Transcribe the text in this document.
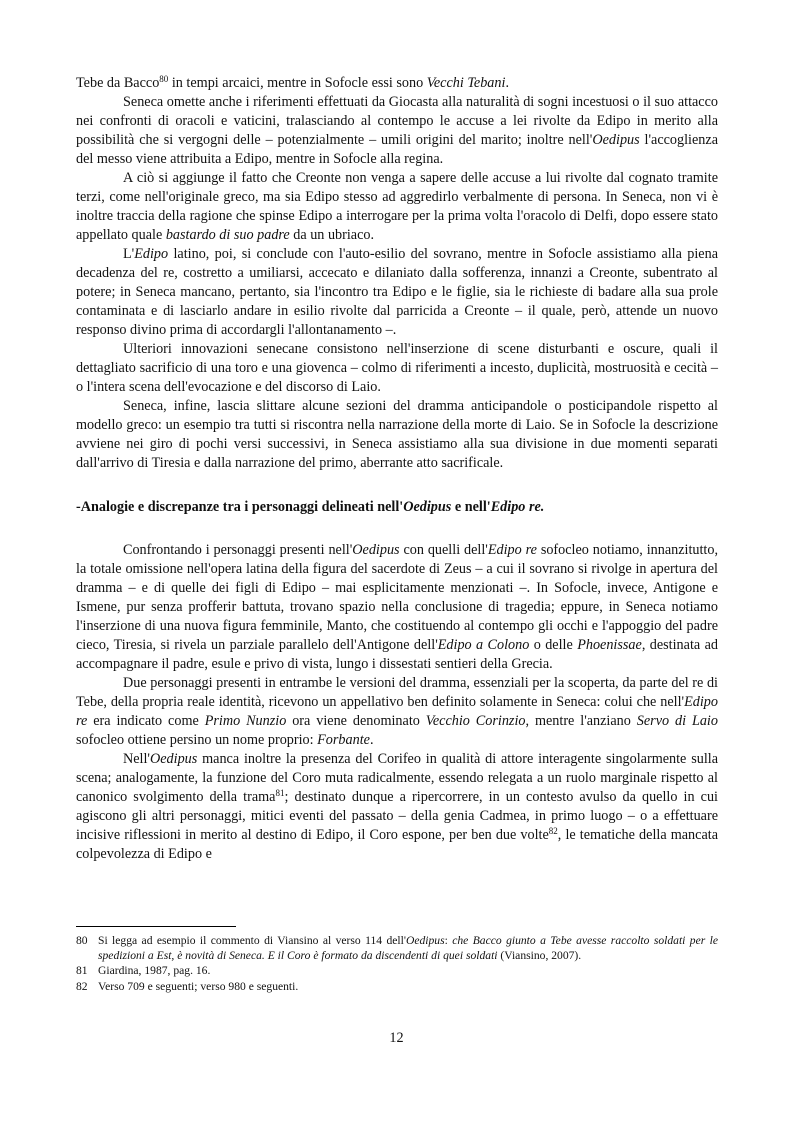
Tebe da Bacco$^{80}$ in tempi arcaici, mentre in Sofocle essi sono Vecchi Tebani.

Seneca omette anche i riferimenti effettuati da Giocasta alla naturalità di sogni incestuosi o il suo attacco nei confronti di oracoli e vaticini, tralasciando al contempo le accuse a lei rivolte da Edipo in merito alla possibilità che si vergogni delle – potenzialmente – umili origini del marito; inoltre nell'Oedipus l'accoglienza del messo viene attribuita a Edipo, mentre in Sofocle alla regina.

A ciò si aggiunge il fatto che Creonte non venga a sapere delle accuse a lui rivolte dal cognato tramite terzi, come nell'originale greco, ma sia Edipo stesso ad aggredirlo verbalmente di persona. In Seneca, non vi è inoltre traccia della ragione che spinse Edipo a interrogare per la prima volta l'oracolo di Delfi, dopo essere stato appellato quale bastardo di suo padre da un ubriaco.

L'Edipo latino, poi, si conclude con l'auto-esilio del sovrano, mentre in Sofocle assistiamo alla piena decadenza del re, costretto a umiliarsi, accecato e dilaniato dalla sofferenza, innanzi a Creonte, subentrato al potere; in Seneca mancano, pertanto, sia l'incontro tra Edipo e le figlie, sia le richieste di badare alla sua prole contaminata e di lasciarlo andare in esilio rivolte dal parricida a Creonte – il quale, però, attende un nuovo responso divino prima di accordargli l'allontanamento –.

Ulteriori innovazioni senecane consistono nell'inserzione di scene disturbanti e oscure, quali il dettagliato sacrificio di una toro e una giovenca – colmo di riferimenti a incesto, duplicità, mostruosità e cecità – o l'intera scena dell'evocazione e del discorso di Laio.

Seneca, infine, lascia slittare alcune sezioni del dramma anticipandole o posticipandole rispetto al modello greco: un esempio tra tutti si riscontra nella narrazione della morte di Laio. Se in Sofocle la descrizione avviene nei giro di pochi versi successivi, in Seneca assistiamo alla sua divisione in due momenti separati dall'arrivo di Tiresia e dalla narrazione del primo, aberrante atto sacrificale.

-Analogie e discrepanze tra i personaggi delineati nell'Oedipus e nell'Edipo re.

Confrontando i personaggi presenti nell'Oedipus con quelli dell'Edipo re sofocleo notiamo, innanzitutto, la totale omissione nell'opera latina della figura del sacerdote di Zeus – a cui il sovrano si rivolge in apertura del dramma – e di quelle dei figli di Edipo – mai esplicitamente menzionati –. In Sofocle, invece, Antigone e Ismene, pur senza profferir battuta, trovano spazio nella conclusione di tragedia; eppure, in Seneca notiamo l'inserzione di una nuova figura femminile, Manto, che costituendo al contempo gli occhi e l'appoggio del padre cieco, Tiresia, si rivela un parziale parallelo dell'Antigone dell'Edipo a Colono o delle Phoenissae, destinata ad accompagnare il padre, esule e privo di vista, lungo i dissestati sentieri della Grecia.

Due personaggi presenti in entrambe le versioni del dramma, essenziali per la scoperta, da parte del re di Tebe, della propria reale identità, ricevono un appellativo ben definito solamente in Seneca: colui che nell'Edipo re era indicato come Primo Nunzio ora viene denominato Vecchio Corinzio, mentre l'anziano Servo di Laio sofocleo ottiene persino un nome proprio: Forbante.

Nell'Oedipus manca inoltre la presenza del Corifeo in qualità di attore interagente singolarmente sulla scena; analogamente, la funzione del Coro muta radicalmente, essendo relegata a un ruolo marginale rispetto al canonico svolgimento della trama$^{81}$; destinato dunque a ripercorrere, in un contesto avulso da quello in cui agiscono gli altri personaggi, mitici eventi del passato – della genia Cadmea, in primo luogo – o a effettuare incisive riflessioni in merito al destino di Edipo, il Coro espone, per ben due volte$^{82}$, le tematiche della mancata colpevolezza di Edipo e

80 Si legga ad esempio il commento di Viansino al verso 114 dell'Oedipus: che Bacco giunto a Tebe avesse raccolto soldati per le spedizioni a Est, è novità di Seneca. E il Coro è formato da discendenti di quei soldati (Viansino, 2007).
81 Giardina, 1987, pag. 16.
82 Verso 709 e seguenti; verso 980 e seguenti.
12
